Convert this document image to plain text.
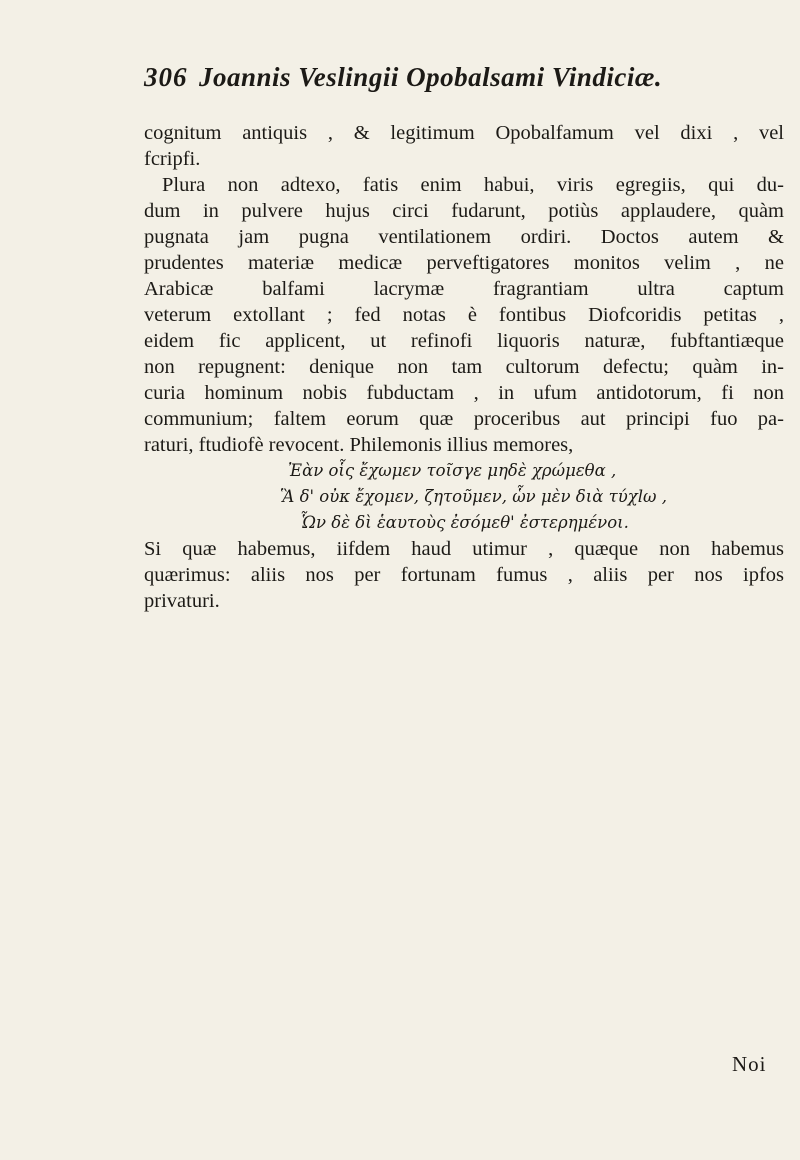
306 Joannis Veslingii Opobalsami Vindiciæ.
cognitum antiquis , & legitimum Opobalfamum vel dixi , vel
fcripfi.
Plura non adtexo, fatis enim habui, viris egregiis, qui du-
dum in pulvere hujus circi fudarunt, potiùs applaudere, quàm
pugnata jam pugna ventilationem ordiri. Doctos autem &
prudentes materiæ medicæ perveftigatores monitos velim , ne
Arabicæ balfami lacrymæ fragrantiam ultra captum
veterum extollant ; fed notas è fontibus Diofcoridis petitas ,
eidem fic applicent, ut refinofi liquoris naturæ, fubftantiæque
non repugnent: denique non tam cultorum defectu; quàm in-
curia hominum nobis fubductam , in ufum antidotorum, fi non
communium; faltem eorum quæ proceribus aut principi fuo pa-
raturi, ftudiofè revocent. Philemonis illius memores,
Ἐὰν οἷς ἔχωμεν τοῖσγε μηδὲ χρώμεθα ,
Ἃ δ' οὐκ ἔχομεν, ζητοῦμεν, ὧν μὲν διὰ τύχlω ,
Ὧν δὲ δὶ ἑαυτοὺς ἐσόμεθ' ἐστερημένοι.
Si quæ habemus, iifdem haud utimur , quæque non habemus
quærimus: aliis nos per fortunam fumus , aliis per nos ipfos
privaturi.
Noi
